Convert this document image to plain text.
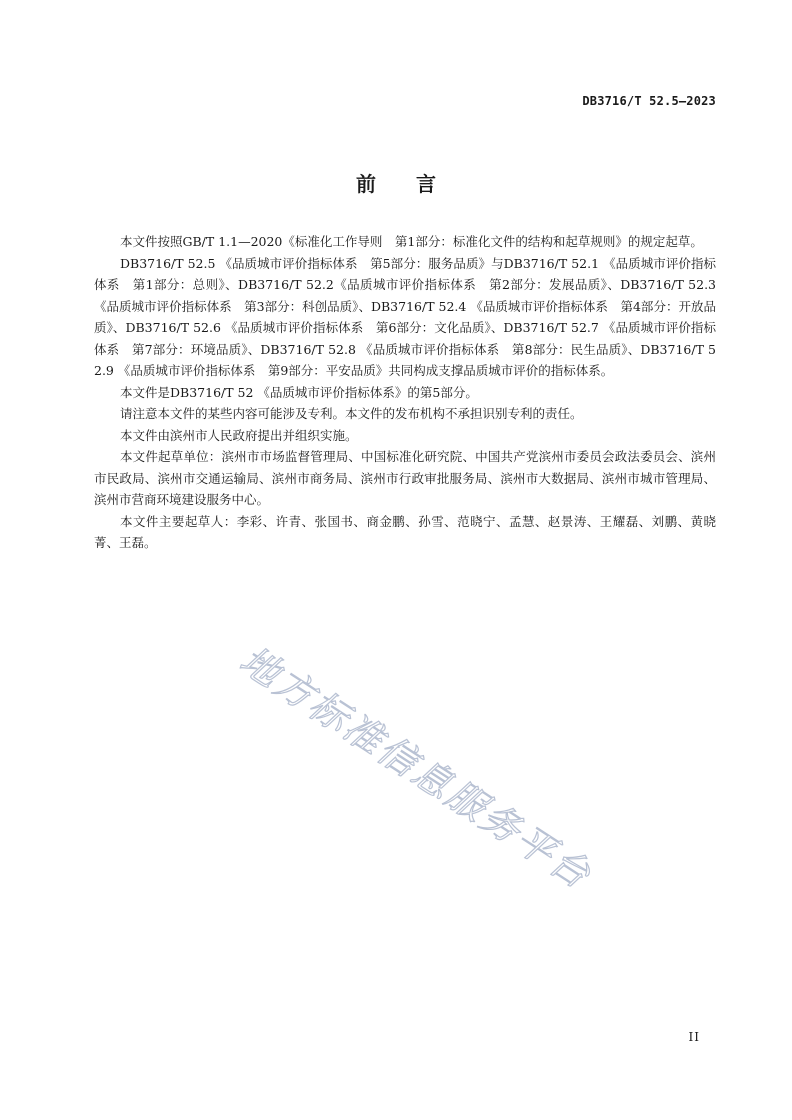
DB3716/T 52.5—2023
前言

本文件按照GB/T 1.1—2020《标准化工作导则　第1部分：标准化文件的结构和起草规则》的规定起草。

DB3716/T 52.5 《品质城市评价指标体系　第5部分：服务品质》与DB3716/T 52.1 《品质城市评价指标体系　第1部分：总则》、DB3716/T 52.2《品质城市评价指标体系　第2部分：发展品质》、DB3716/T 52.3 《品质城市评价指标体系　第3部分：科创品质》、DB3716/T 52.4 《品质城市评价指标体系　第4部分：开放品质》、DB3716/T 52.6 《品质城市评价指标体系　第6部分：文化品质》、DB3716/T 52.7 《品质城市评价指标体系　第7部分：环境品质》、DB3716/T 52.8 《品质城市评价指标体系　第8部分：民生品质》、DB3716/T 52.9 《品质城市评价指标体系　第9部分：平安品质》共同构成支撑品质城市评价的指标体系。

本文件是DB3716/T 52 《品质城市评价指标体系》的第5部分。

请注意本文件的某些内容可能涉及专利。本文件的发布机构不承担识别专利的责任。

本文件由滨州市人民政府提出并组织实施。

本文件起草单位：滨州市市场监督管理局、中国标准化研究院、中国共产党滨州市委员会政法委员会、滨州市民政局、滨州市交通运输局、滨州市商务局、滨州市行政审批服务局、滨州市大数据局、滨州市城市管理局、滨州市营商环境建设服务中心。

本文件主要起草人：李彩、许青、张国书、商金鹏、孙雪、范晓宁、孟慧、赵景涛、王耀磊、刘鹏、黄晓菁、王磊。

地方标准信息服务平台
II
